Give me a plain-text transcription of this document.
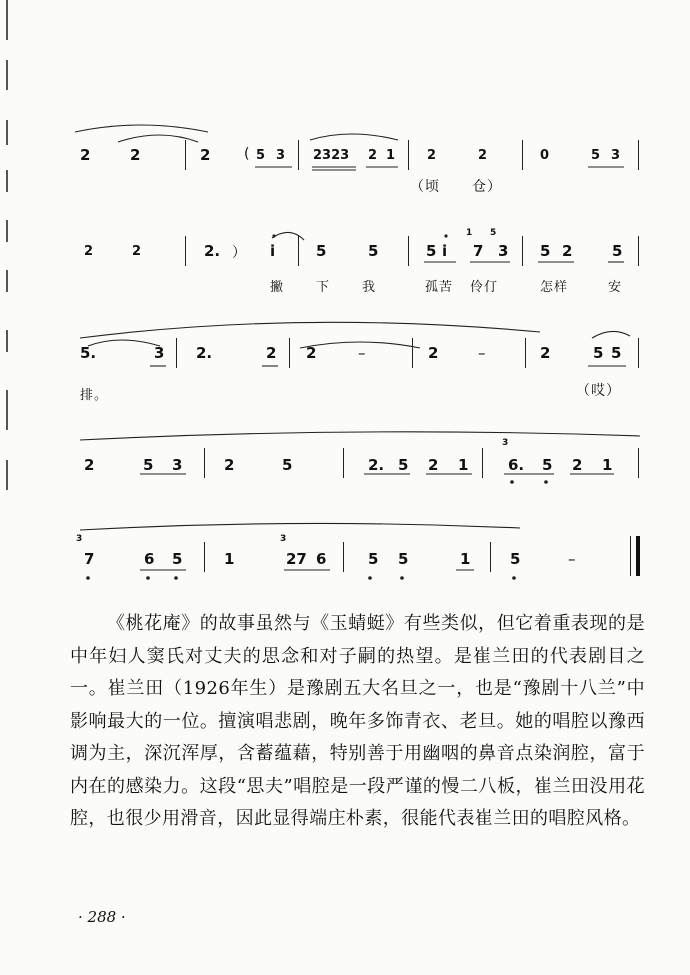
2	2	2 ( 5 3 2323 2 1 2	2	0	5 3
（顷 仓）
2	2	2. ） i	5	5	5 i
1 5
7 3 5 2	5
撇 下 我	孤苦 伶仃	怎样	安
5.	3 2.	2 2	–	2	–	2	5 5
排。	（哎）
2	5 3	2	5	2. 5 2 1
3
6. 5 2 1
3
7	6 5	1
3
27 6	5 5	1	5	–
《桃花庵》的故事虽然与《玉蜻蜓》有些类似，但它着重表现的是中年妇人窦氏对丈夫的思念和对子嗣的热望。是崔兰田的代表剧目之一。崔兰田（1926年生）是豫剧五大名旦之一，也是“豫剧十八兰”中影响最大的一位。擅演唱悲剧，晚年多饰青衣、老旦。她的唱腔以豫西调为主，深沉浑厚，含蓄蕴藉，特别善于用幽咽的鼻音点染润腔，富于内在的感染力。这段“思夫”唱腔是一段严谨的慢二八板，崔兰田没用花腔，也很少用滑音，因此显得端庄朴素，很能代表崔兰田的唱腔风格。
· 288 ·
